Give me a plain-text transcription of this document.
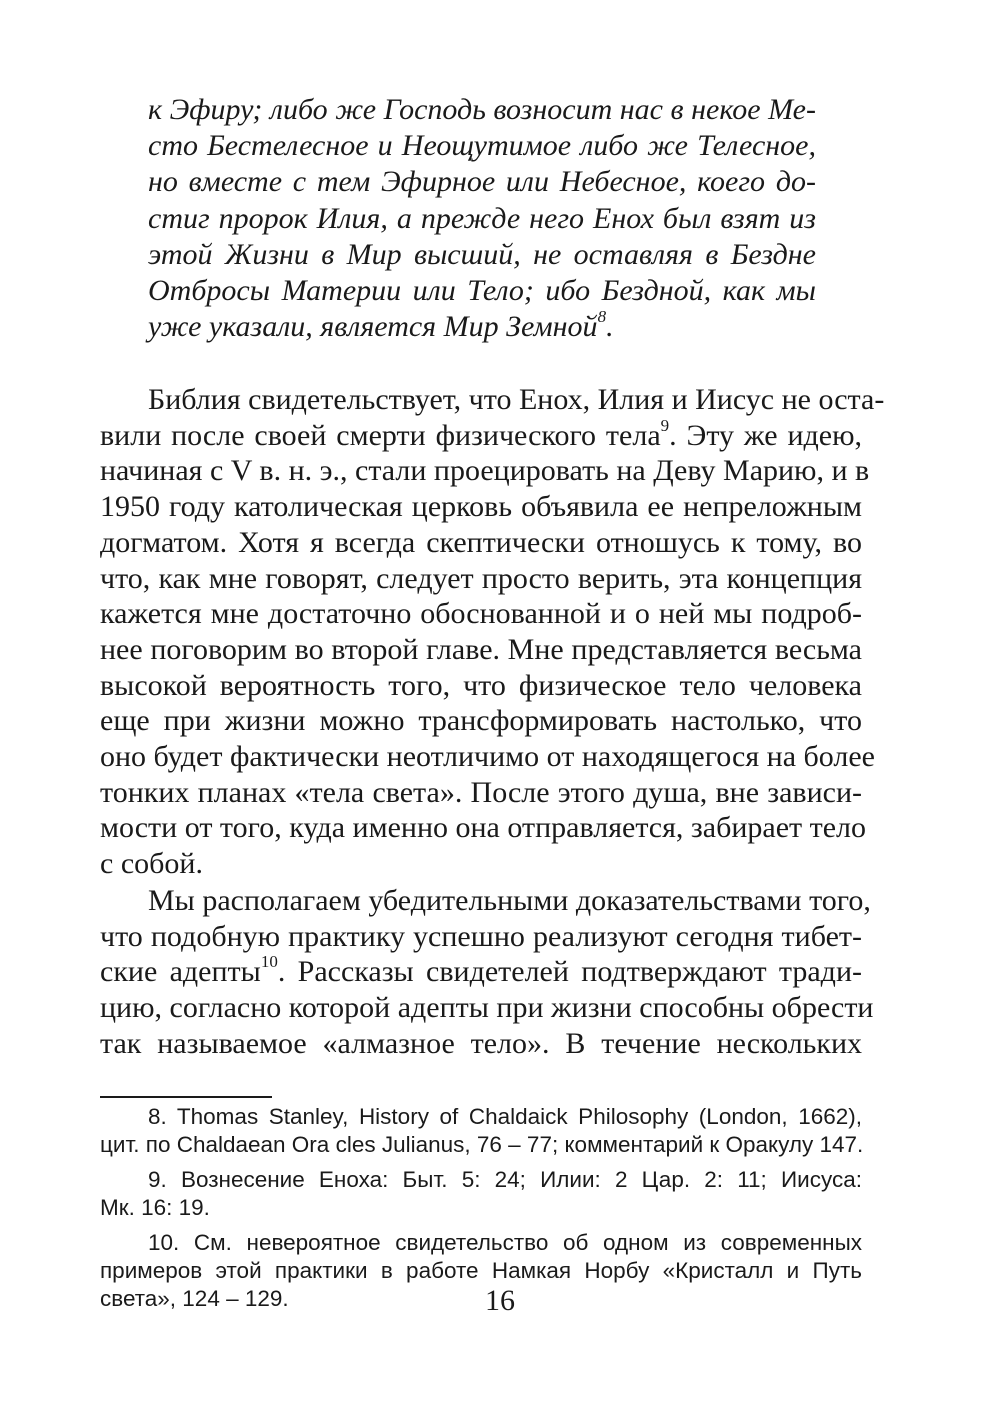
к Эфиру; либо же Господь возносит нас в некое Ме-
сто Бестелесное и Неощутимое либо же Телесное,
но вместе с тем Эфирное или Небесное, коего до-
стиг пророк Илия, а прежде него Енох был взят из
этой Жизни в Мир высший, не оставляя в Бездне
Отбросы Материи или Тело; ибо Бездной, как мы
уже указали, является Мир Земной$^8$.
Библия свидетельствует, что Енох, Илия и Иисус не оста-
вили после своей смерти физического тела$^9$. Эту же идею,
начиная с V в. н. э., стали проецировать на Деву Марию, и в
1950 году католическая церковь объявила ее непреложным
догматом. Хотя я всегда скептически отношусь к тому, во
что, как мне говорят, следует просто верить, эта концепция
кажется мне достаточно обоснованной и о ней мы подроб-
нее поговорим во второй главе. Мне представляется весьма
высокой вероятность того, что физическое тело человека
еще при жизни можно трансформировать настолько, что
оно будет фактически неотличимо от находящегося на более
тонких планах «тела света». После этого душа, вне зависи-
мости от того, куда именно она отправляется, забирает тело
с собой.
Мы располагаем убедительными доказательствами того,
что подобную практику успешно реализуют сегодня тибет-
ские адепты$^{10}$. Рассказы свидетелей подтверждают тради-
цию, согласно которой адепты при жизни способны обрести
так называемое «алмазное тело». В течение нескольких
8. Thomas Stanley, History of Chaldaick Philosophy (London, 1662),
цит. по Chaldaean Ora cles Julianus, 76 – 77; комментарий к Оракулу 147.
9. Вознесение Еноха: Быт. 5: 24; Илии: 2 Цар. 2: 11; Иисуса:
Мк. 16: 19.
10. См. невероятное свидетельство об одном из современных
примеров этой практики в работе Намкая Норбу «Кристалл и Путь
света», 124 – 129.	16
